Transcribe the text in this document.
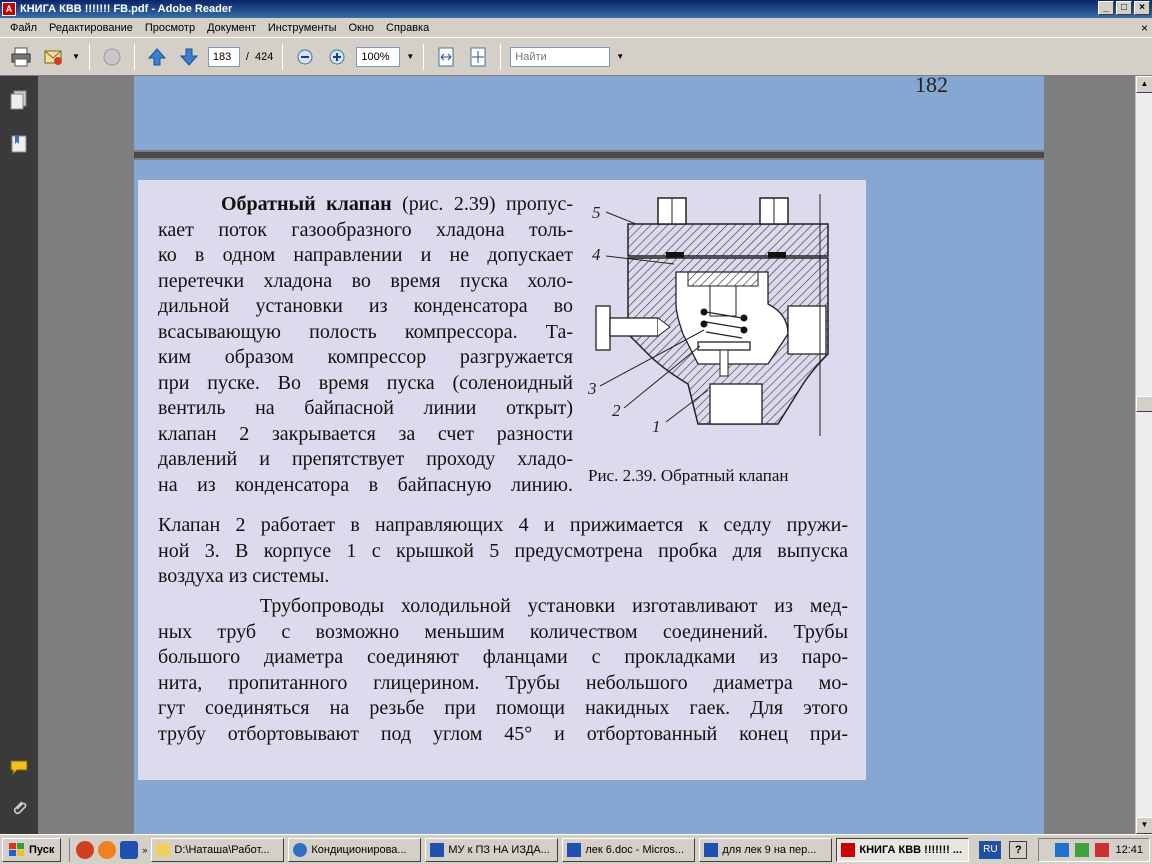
A КНИГА КВВ !!!!!!! FB.pdf - Adobe Reader	_	□	×
Файл	Редактирование	Просмотр	Документ	Инструменты	Окно	Справка	×
▼
183	/ 424
100%	▼
Найти	▼
182
Обратный клапан (рис. 2.39) пропус-
кает поток газообразного хладона толь-
ко в одном направлении и не допускает
перетечки хладона во время пуска холо-
дильной установки из конденсатора во
всасывающую полость компрессора. Та-
ким образом компрессор разгружается
при пуске. Во время пуска (соленоидный
вентиль на байпасной линии открыт)
клапан 2 закрывается за счет разности
давлений и препятствует проходу хладо-
на из конденсатора в байпасную линию.
5
4
3
2
1
Рис. 2.39. Обратный клапан
Клапан 2 работает в направляющих 4 и прижимается к седлу пружи-
ной 3. В корпусе 1 с крышкой 5 предусмотрена пробка для выпуска
воздуха из системы.
Трубопроводы холодильной установки изготавливают из мед-
ных труб с возможно меньшим количеством соединений. Трубы
большого диаметра соединяют фланцами с прокладками из паро-
нита, пропитанного глицерином. Трубы небольшого диаметра мо-
гут соединяться на резьбе при помощи накидных гаек. Для этого
трубу отбортовывают под углом 45° и отбортованный конец при-
▲
▼
Пуск	» D:\Наташа\Работ...	Кондиционирова...	МУ к ПЗ НА ИЗДА...	лек 6.doc - Micros...	для лек 9 на пер...	КНИГА КВВ !!!!!!! ...	RU	?	12:41
